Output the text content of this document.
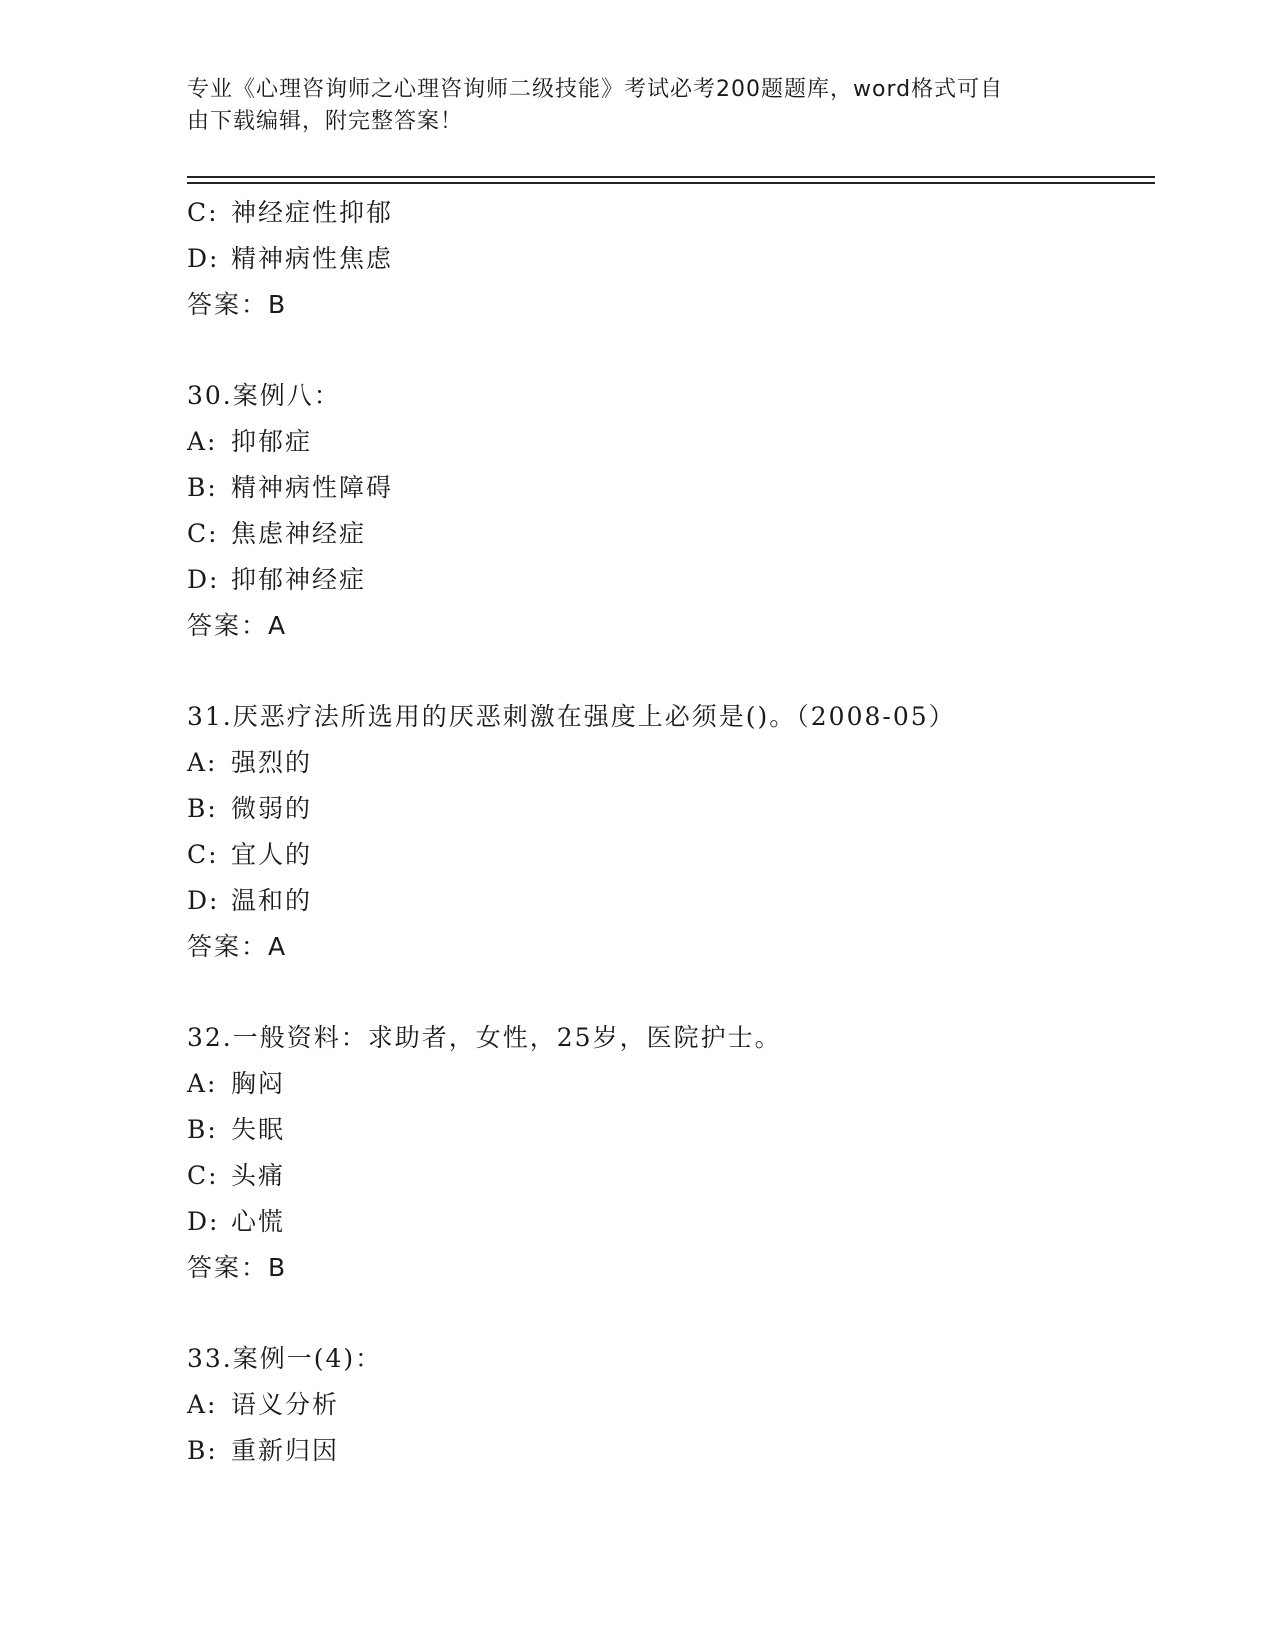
专业《心理咨询师之心理咨询师二级技能》考试必考200题题库，word格式可自
由下载编辑，附完整答案！
C: 神经症性抑郁
D: 精神病性焦虑
答案：B
30.案例八：
A: 抑郁症
B: 精神病性障碍
C: 焦虑神经症
D: 抑郁神经症
答案：A
31.厌恶疗法所选用的厌恶刺激在强度上必须是()。（2008-05）
A: 强烈的
B: 微弱的
C: 宜人的
D: 温和的
答案：A
32.一般资料：求助者，女性，25岁，医院护士。
A: 胸闷
B: 失眠
C: 头痛
D: 心慌
答案：B
33.案例一(4)：
A: 语义分析
B: 重新归因
